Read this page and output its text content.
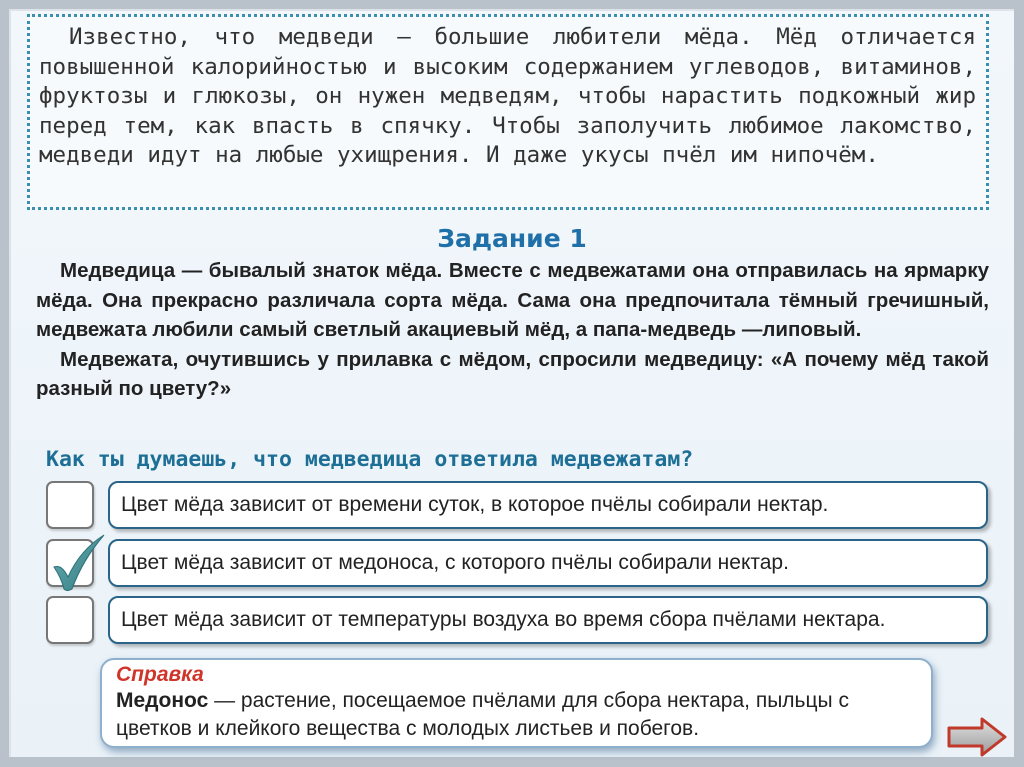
Известно, что медведи — большие любители мёда. Мёд отличается повышенной калорийностью и высоким содержанием углеводов, витаминов, фруктозы и глюкозы, он нужен медведям, чтобы нарастить подкожный жир перед тем, как впасть в спячку. Чтобы заполучить любимое лакомство, медведи идут на любые ухищрения. И даже укусы пчёл им нипочём.

Задание 1

Медведица — бывалый знаток мёда. Вместе с медвежатами она отправилась на ярмарку мёда. Она прекрасно различала сорта мёда. Сама она предпочитала тёмный гречишный, медвежата любили самый светлый акациевый мёд, а папа-медведь —липовый.

Медвежата, очутившись у прилавка с мёдом, спросили медведицу: «А почему мёд такой разный по цвету?»

Как ты думаешь, что медведица ответила медвежатам?
Цвет мёда зависит от времени суток, в которое пчёлы собирали нектар.
Цвет мёда зависит от медоноса, с которого пчёлы собирали нектар.
Цвет мёда зависит от температуры воздуха во время сбора пчёлами нектара.
Справка

Медонос — растение, посещаемое пчёлами для сбора нектара, пыльцы с цветков и клейкого вещества с молодых листьев и побегов.
